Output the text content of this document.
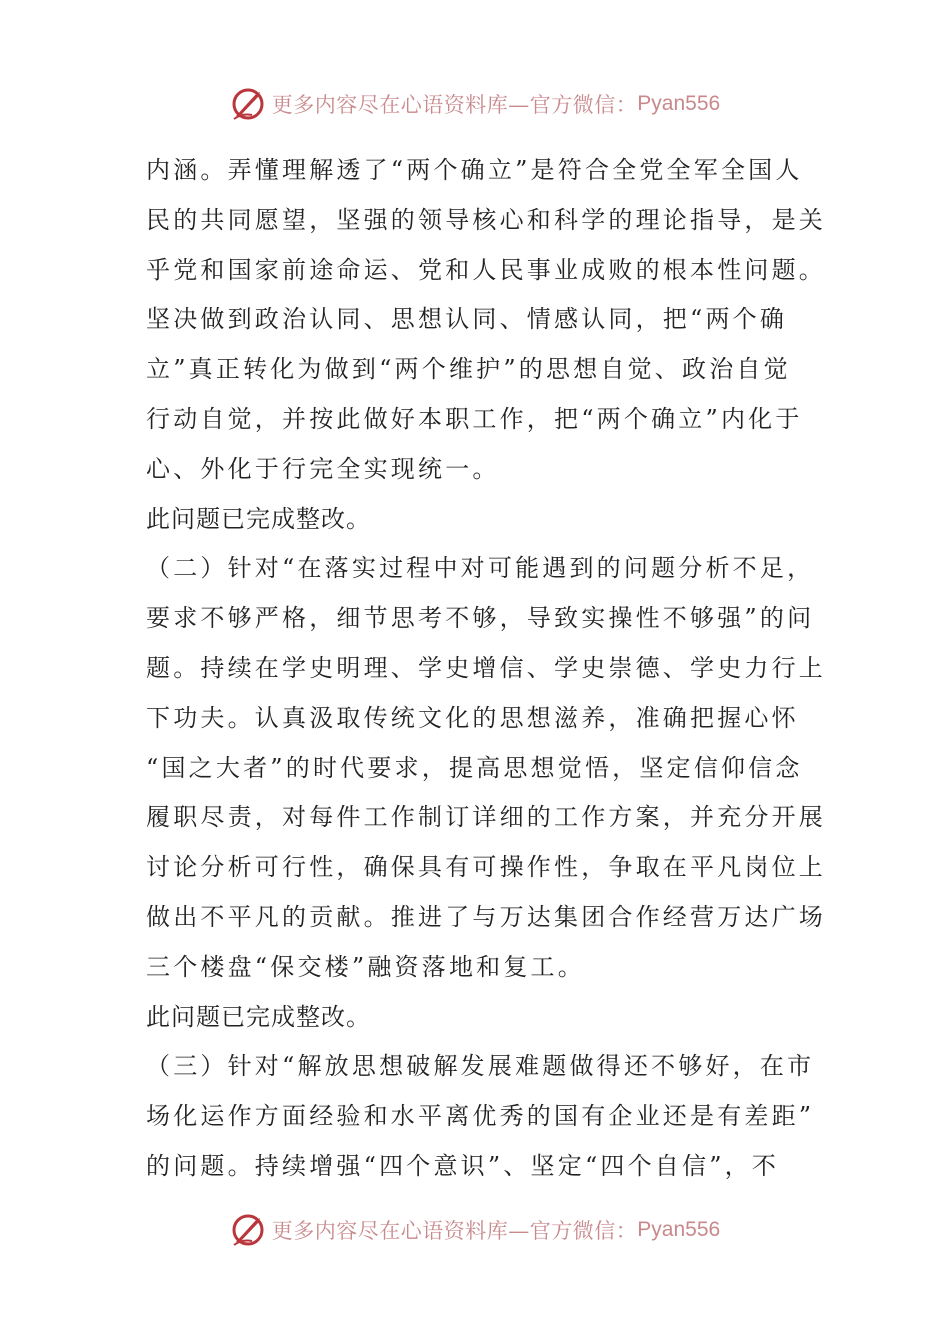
更多内容尽在心语资料库—官方微信： Pyan556
内涵。弄懂理解透了“两个确立”是符合全党全军全国人
民的共同愿望，坚强的领导核心和科学的理论指导，是关
乎党和国家前途命运、党和人民事业成败的根本性问题。
坚决做到政治认同、思想认同、情感认同，把“两个确
立”真正转化为做到“两个维护”的思想自觉、政治自觉
行动自觉，并按此做好本职工作，把“两个确立”内化于
心、外化于行完全实现统一。
此问题已完成整改。
（二）针对“在落实过程中对可能遇到的问题分析不足，
要求不够严格，细节思考不够，导致实操性不够强”的问
题。持续在学史明理、学史增信、学史崇德、学史力行上
下功夫。认真汲取传统文化的思想滋养，准确把握心怀
“国之大者”的时代要求，提高思想觉悟，坚定信仰信念
履职尽责，对每件工作制订详细的工作方案，并充分开展
讨论分析可行性，确保具有可操作性，争取在平凡岗位上
做出不平凡的贡献。推进了与万达集团合作经营万达广场
三个楼盘“保交楼”融资落地和复工。
此问题已完成整改。
（三）针对“解放思想破解发展难题做得还不够好，在市
场化运作方面经验和水平离优秀的国有企业还是有差距”
的问题。持续增强“四个意识”、坚定“四个自信”，不
更多内容尽在心语资料库—官方微信： Pyan556
